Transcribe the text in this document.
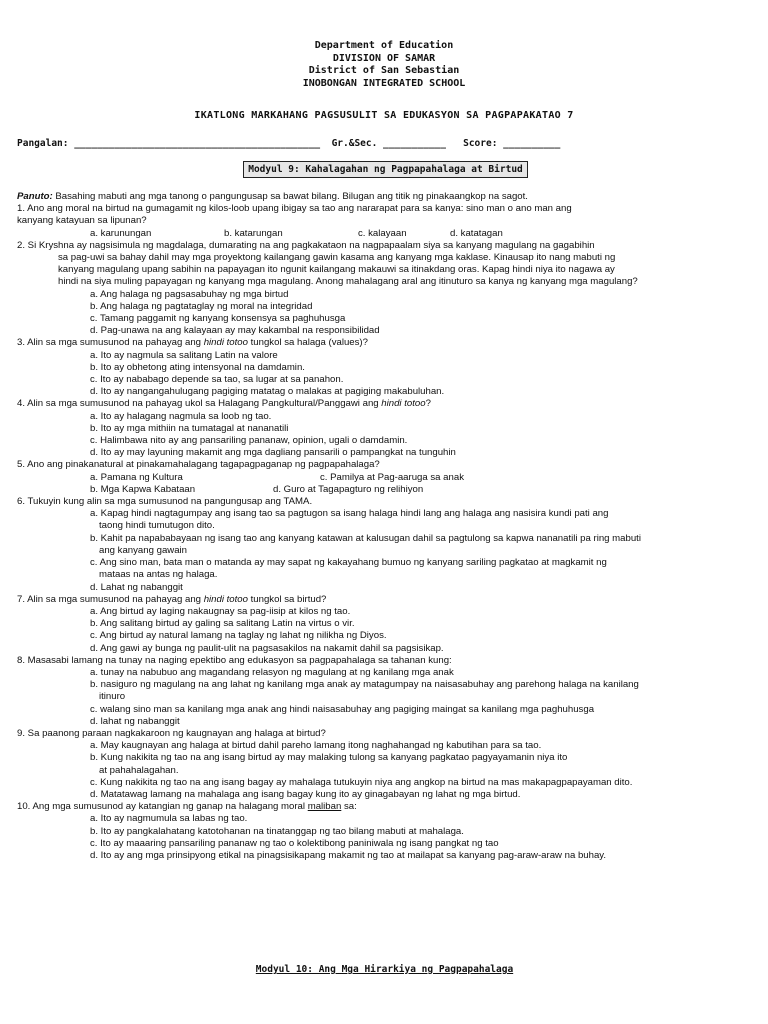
Department of Education
DIVISION OF SAMAR
District of San Sebastian
INOBONGAN INTEGRATED SCHOOL
IKATLONG MARKAHANG PAGSUSULIT SA EDUKASYON SA PAGPAPAKATAO 7
Pangalan: ___________________________________________  Gr.&Sec. ___________   Score: __________
Modyul 9: Kahalagahan ng Pagpapahalaga at Birtud
Panuto: Basahing mabuti ang mga tanong o pangungusap sa bawat bilang. Bilugan ang titik ng pinakaangkop na sagot.
1. Ano ang moral na birtud na gumagamit ng kilos-loob upang ibigay sa tao ang nararapat para sa kanya: sino man o ano man ang
kanyang katayuan sa lipunan?
a. karunungan	b. katarungan	c. kalayaan	d. katatagan
2. Si Kryshna ay nagsisimula ng magdalaga, dumarating na ang pagkakataon na nagpapaalam siya sa kanyang magulang na gagabihin
sa pag-uwi sa bahay dahil may mga proyektong kailangang gawin kasama ang kanyang mga kaklase. Kinausap ito nang mabuti ng
kanyang magulang upang sabihin na papayagan ito ngunit kailangang makauwi sa itinakdang oras. Kapag hindi niya ito nagawa ay
hindi na siya muling papayagan ng kanyang mga magulang. Anong mahalagang aral ang itinuturo sa kanya ng kanyang mga magulang?
a. Ang halaga ng pagsasabuhay ng mga birtud
b. Ang halaga ng pagtataglay ng moral na integridad
c. Tamang paggamit ng kanyang konsensya sa paghuhusga
d. Pag-unawa na ang kalayaan ay may kakambal na responsibilidad
3. Alin sa mga sumusunod na pahayag ang hindi totoo tungkol sa halaga (values)?
a. Ito ay nagmula sa salitang Latin na valore
b. Ito ay obhetong ating intensyonal na damdamin.
c. Ito ay nababago depende sa tao, sa lugar at sa panahon.
d. Ito ay nangangahulugang pagiging matatag o malakas at pagiging makabuluhan.
4. Alin sa mga sumusunod na pahayag ukol sa Halagang Pangkultural/Panggawi ang hindi totoo?
a. Ito ay halagang nagmula sa loob ng tao.
b. Ito ay mga mithiin na tumatagal at nananatili
c. Halimbawa nito ay ang pansariling pananaw, opinion, ugali o damdamin.
d. Ito ay may layuning makamit ang mga dagliang pansarili o pampangkat na tunguhin
5. Ano ang pinakanatural at pinakamahalagang tagapagpaganap ng pagpapahalaga?
a. Pamana ng Kultura	c. Pamilya at Pag-aaruga sa anak
b. Mga Kapwa Kabataan	d. Guro at Tagapagturo ng relihiyon
6. Tukuyin kung alin sa mga sumusunod na pangungusap ang TAMA.
a. Kapag hindi nagtagumpay ang isang tao sa pagtugon sa isang halaga hindi lang ang halaga ang nasisira kundi pati ang
taong hindi tumutugon dito.
b. Kahit pa napababayaan ng isang tao ang kanyang katawan at kalusugan dahil sa pagtulong sa kapwa nananatili pa ring mabuti
ang kanyang gawain
c. Ang sino man, bata man o matanda ay may sapat ng kakayahang bumuo ng kanyang sariling pagkatao at magkamit ng
mataas na antas ng halaga.
d. Lahat ng nabanggit
7. Alin sa mga sumusunod na pahayag ang hindi totoo tungkol sa birtud?
a. Ang birtud ay laging nakaugnay sa pag-iisip at kilos ng tao.
b. Ang salitang birtud ay galing sa salitang Latin na virtus o vir.
c. Ang birtud ay natural lamang na taglay ng lahat ng nilikha ng Diyos.
d. Ang gawi ay bunga ng paulit-ulit na pagsasakilos na nakamit dahil sa pagsisikap.
8. Masasabi lamang na tunay na naging epektibo ang edukasyon sa pagpapahalaga sa tahanan kung:
a. tunay na nabubuo ang magandang relasyon ng magulang at ng kanilang mga anak
b. nasiguro ng magulang na ang lahat ng kanilang mga anak ay matagumpay na naisasabuhay ang parehong halaga na kanilang
itinuro
c. walang sino man sa kanilang mga anak ang hindi naisasabuhay ang pagiging maingat sa kanilang mga paghuhusga
d. lahat ng nabanggit
9. Sa paanong paraan nagkakaroon ng kaugnayan ang halaga at birtud?
a. May kaugnayan ang halaga at birtud dahil pareho lamang itong naghahangad ng kabutihan para sa tao.
b. Kung nakikita ng tao na ang isang birtud ay may malaking tulong sa kanyang pagkatao pagyayamanin niya ito
at pahahalagahan.
c. Kung nakikita ng tao na ang isang bagay ay mahalaga tutukuyin niya ang angkop na birtud na mas makapagpapayaman dito.
d. Matatawag lamang na mahalaga ang isang bagay kung ito ay ginagabayan ng lahat ng mga birtud.
10. Ang mga sumusunod ay katangian ng ganap na halagang moral maliban sa:
a. Ito ay nagmumula sa labas ng tao.
b. Ito ay pangkalahatang katotohanan na tinatanggap ng tao bilang mabuti at mahalaga.
c. Ito ay maaaring pansariling pananaw ng tao o kolektibong paniniwala ng isang pangkat ng tao
d. Ito ay ang mga prinsipyong etikal na pinagsisikapang makamit ng tao at mailapat sa kanyang pag-araw-araw na buhay.
Modyul 10: Ang Mga Hirarkiya ng Pagpapahalaga
